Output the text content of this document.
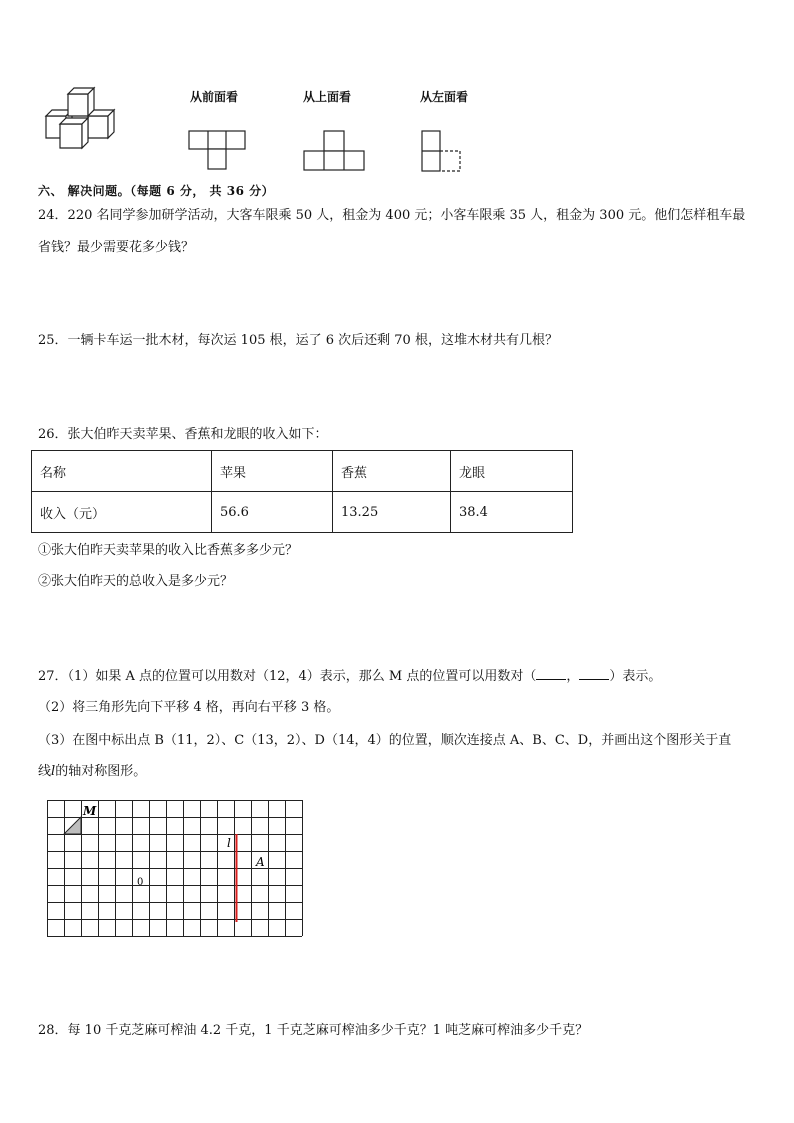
从前面看	从上面看	从左面看
六、 解决问题。（每题 6 分， 共 36 分）
24．220 名同学参加研学活动，大客车限乘 50 人，租金为 400 元；小客车限乘 35 人，租金为 300 元。他们怎样租车最
省钱？最少需要花多少钱？
25．一辆卡车运一批木材，每次运 105 根，运了 6 次后还剩 70 根，这堆木材共有几根？
26．张大伯昨天卖苹果、香蕉和龙眼的收入如下：
名称	苹果	香蕉	龙眼
收入（元）	56.6	13.25	38.4
①张大伯昨天卖苹果的收入比香蕉多多少元？
②张大伯昨天的总收入是多少元？
27．（1）如果 A 点的位置可以用数对（12，4）表示，那么 M 点的位置可以用数对（ ， ）表示。
（2）将三角形先向下平移 4 格，再向右平移 3 格。
（3）在图中标出点 B（11，2）、C（13，2）、D（14，4）的位置，顺次连接点 A、B、C、D，并画出这个图形关于直
线l的轴对称图形。
M
l
A
0
28．每 10 千克芝麻可榨油 4.2 千克，1 千克芝麻可榨油多少千克？1 吨芝麻可榨油多少千克？
